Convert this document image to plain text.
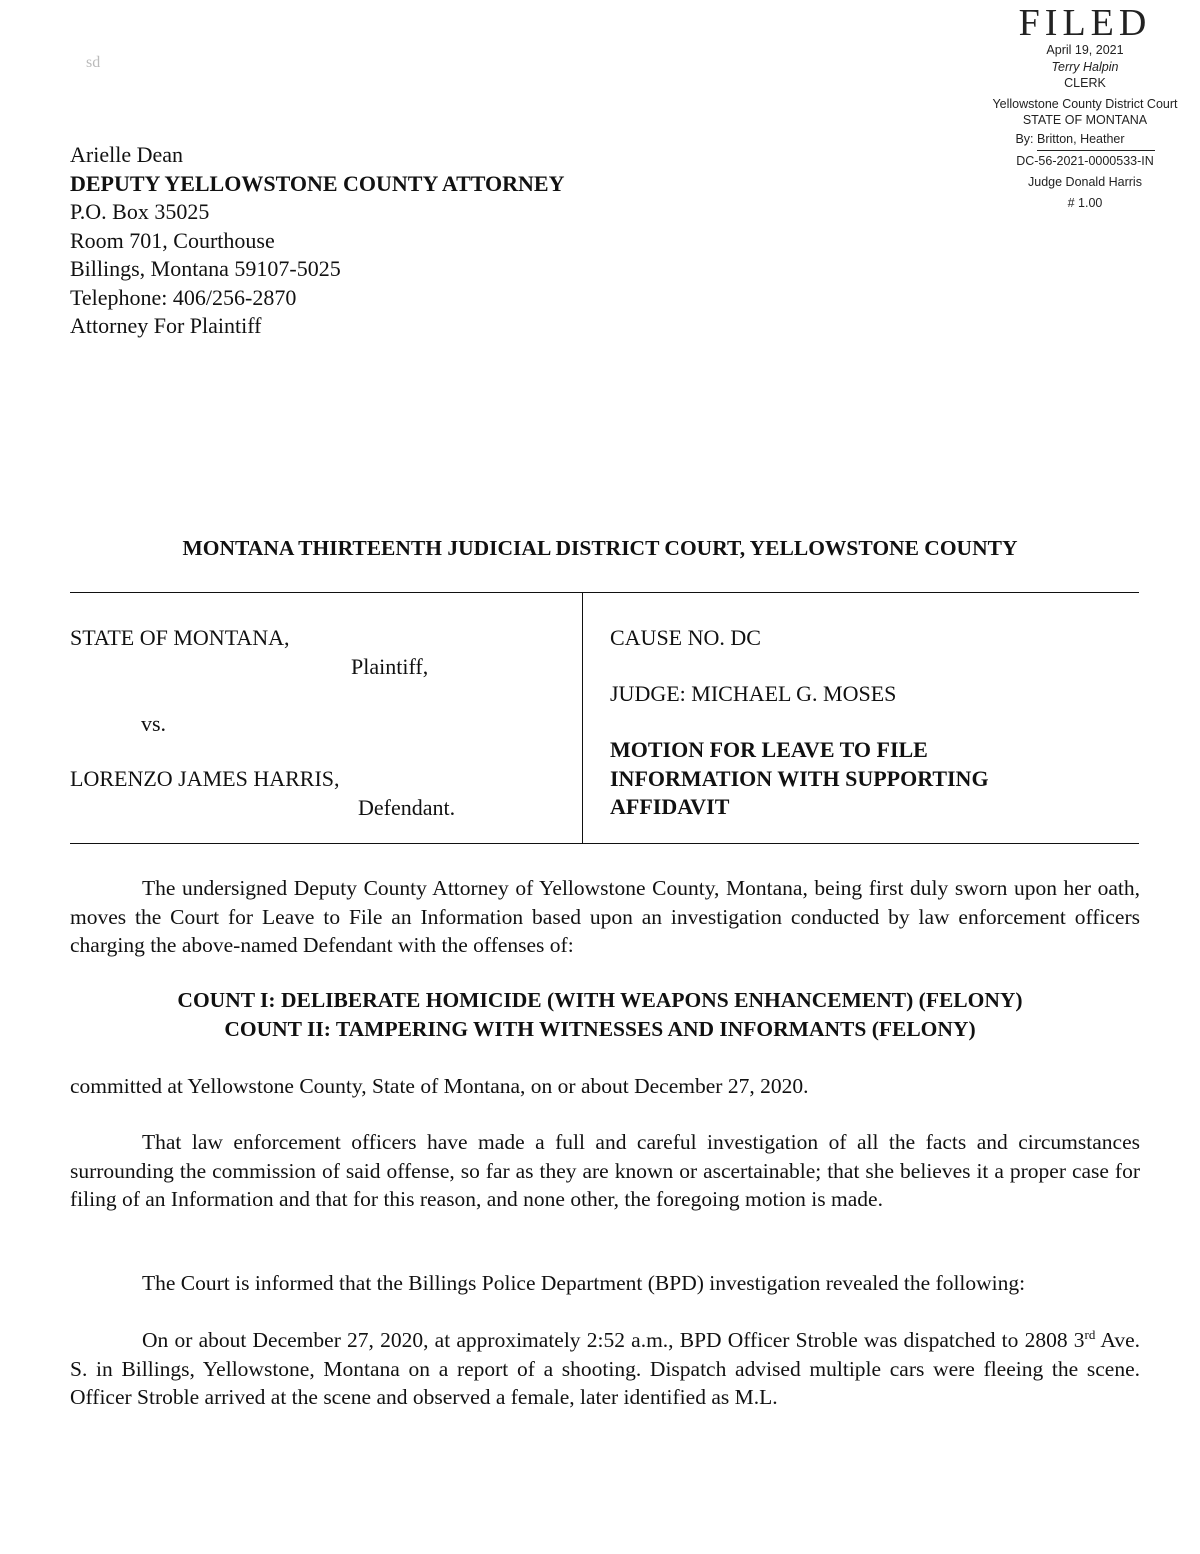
sd
FILED
April 19, 2021
Terry Halpin
CLERK
Yellowstone County District Court
STATE OF MONTANA
By: Britton, Heather
DC-56-2021-0000533-IN
Judge Donald Harris
# 1.00
Arielle Dean
DEPUTY YELLOWSTONE COUNTY ATTORNEY
P.O. Box 35025
Room 701, Courthouse
Billings, Montana 59107-5025
Telephone: 406/256-2870
Attorney For Plaintiff
MONTANA THIRTEENTH JUDICIAL DISTRICT COURT, YELLOWSTONE COUNTY
STATE OF MONTANA,
Plaintiff,
vs.
LORENZO JAMES HARRIS,
Defendant.
CAUSE NO. DC
JUDGE: MICHAEL G. MOSES
MOTION FOR LEAVE TO FILE INFORMATION WITH SUPPORTING AFFIDAVIT
The undersigned Deputy County Attorney of Yellowstone County, Montana, being first duly sworn upon her oath, moves the Court for Leave to File an Information based upon an investigation conducted by law enforcement officers charging the above-named Defendant with the offenses of:
COUNT I: DELIBERATE HOMICIDE (WITH WEAPONS ENHANCEMENT) (FELONY)
COUNT II: TAMPERING WITH WITNESSES AND INFORMANTS (FELONY)
committed at Yellowstone County, State of Montana, on or about December 27, 2020.
That law enforcement officers have made a full and careful investigation of all the facts and circumstances surrounding the commission of said offense, so far as they are known or ascertainable; that she believes it a proper case for filing of an Information and that for this reason, and none other, the foregoing motion is made.
The Court is informed that the Billings Police Department (BPD) investigation revealed the following:
On or about December 27, 2020, at approximately 2:52 a.m., BPD Officer Stroble was dispatched to 2808 3rd Ave. S. in Billings, Yellowstone, Montana on a report of a shooting. Dispatch advised multiple cars were fleeing the scene. Officer Stroble arrived at the scene and observed a female, later identified as M.L.
